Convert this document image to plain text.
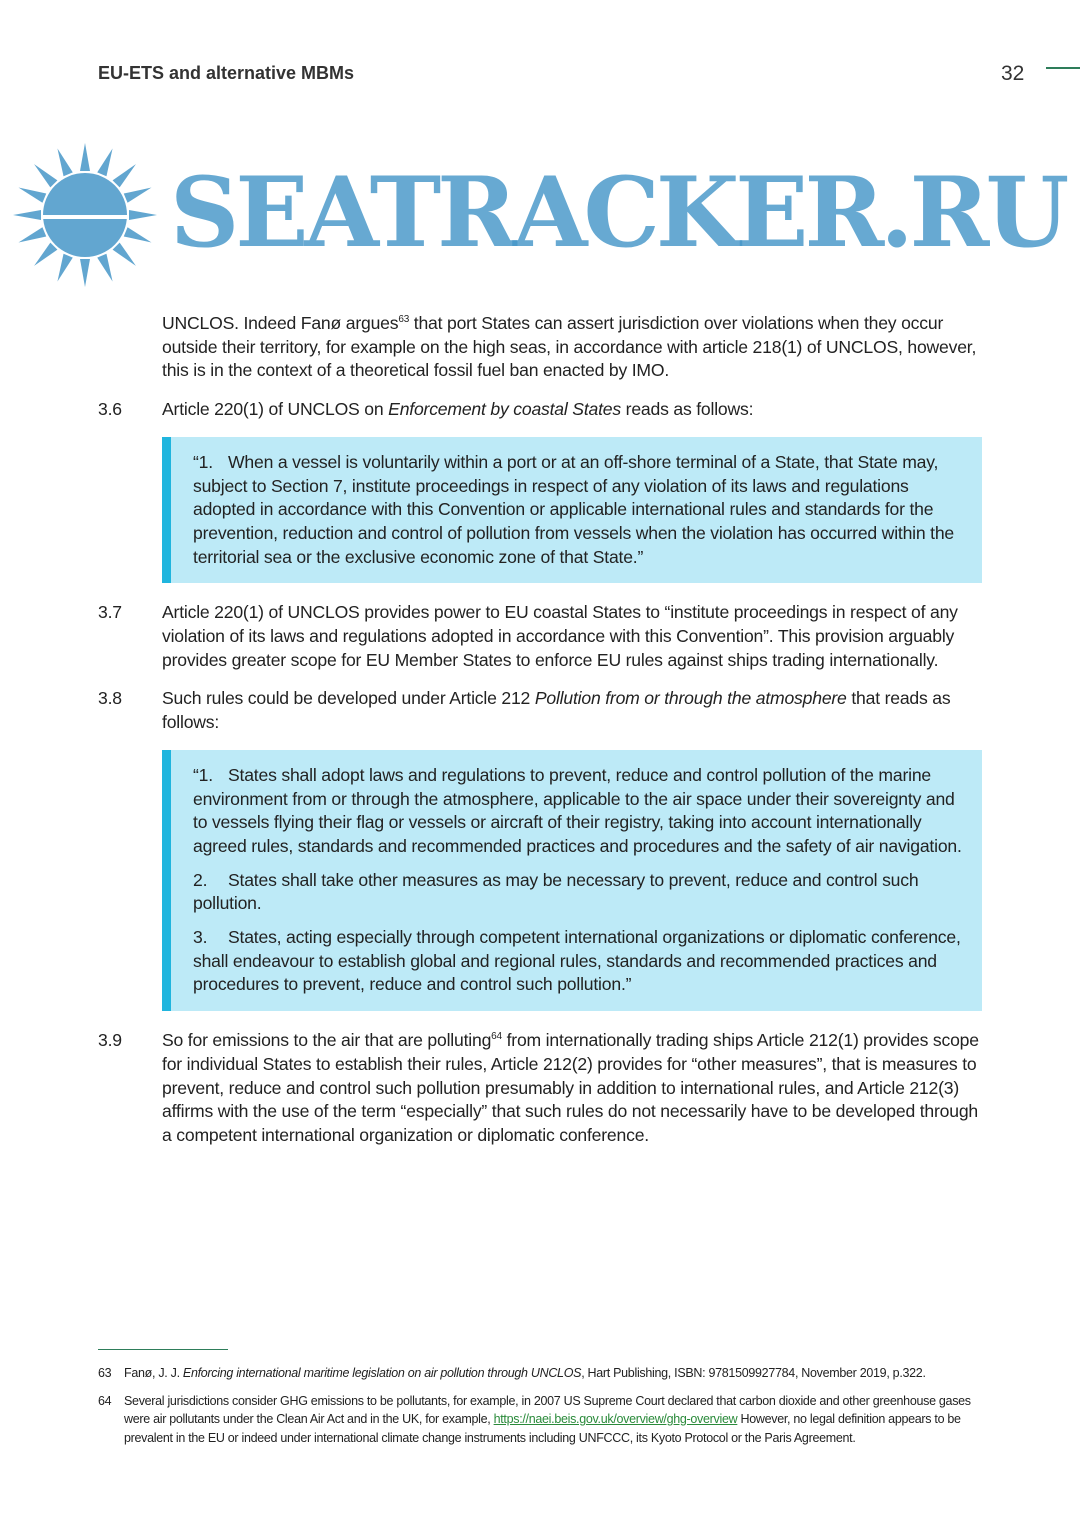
EU-ETS and alternative MBMs	32
SEATRACKER.RU
UNCLOS. Indeed Fanø argues$^{63}$ that port States can assert jurisdiction over violations when they occur outside their territory, for example on the high seas, in accordance with article 218(1) of UNCLOS, however, this is in the context of a theoretical fossil fuel ban enacted by IMO.
3.6 Article 220(1) of UNCLOS on Enforcement by coastal States reads as follows:

“1. When a vessel is voluntarily within a port or at an off-shore terminal of a State, that State may, subject to Section 7, institute proceedings in respect of any violation of its laws and regulations adopted in accordance with this Convention or applicable international rules and standards for the prevention, reduction and control of pollution from vessels when the violation has occurred within the territorial sea or the exclusive economic zone of that State.”

3.7 Article 220(1) of UNCLOS provides power to EU coastal States to “institute proceedings in respect of any violation of its laws and regulations adopted in accordance with this Convention”. This provision arguably provides greater scope for EU Member States to enforce EU rules against ships trading internationally.
3.8 Such rules could be developed under Article 212 Pollution from or through the atmosphere that reads as follows:

“1. States shall adopt laws and regulations to prevent, reduce and control pollution of the marine environment from or through the atmosphere, applicable to the air space under their sovereignty and to vessels flying their flag or vessels or aircraft of their registry, taking into account internationally agreed rules, standards and recommended practices and procedures and the safety of air navigation.

2. States shall take other measures as may be necessary to prevent, reduce and control such pollution.

3. States, acting especially through competent international organizations or diplomatic conference, shall endeavour to establish global and regional rules, standards and recommended practices and procedures to prevent, reduce and control such pollution.”

3.9 So for emissions to the air that are polluting$^{64}$ from internationally trading ships Article 212(1) provides scope for individual States to establish their rules, Article 212(2) provides for “other measures”, that is measures to prevent, reduce and control such pollution presumably in addition to international rules, and Article 212(3) affirms with the use of the term “especially” that such rules do not necessarily have to be developed through a competent international organization or diplomatic conference.
63 Fanø, J. J. Enforcing international maritime legislation on air pollution through UNCLOS, Hart Publishing, ISBN: 9781509927784, November 2019, p.322.
64 Several jurisdictions consider GHG emissions to be pollutants, for example, in 2007 US Supreme Court declared that carbon dioxide and other greenhouse gases were air pollutants under the Clean Air Act and in the UK, for example, https://naei.beis.gov.uk/overview/ghg-overview However, no legal definition appears to be prevalent in the EU or indeed under international climate change instruments including UNFCCC, its Kyoto Protocol or the Paris Agreement.
